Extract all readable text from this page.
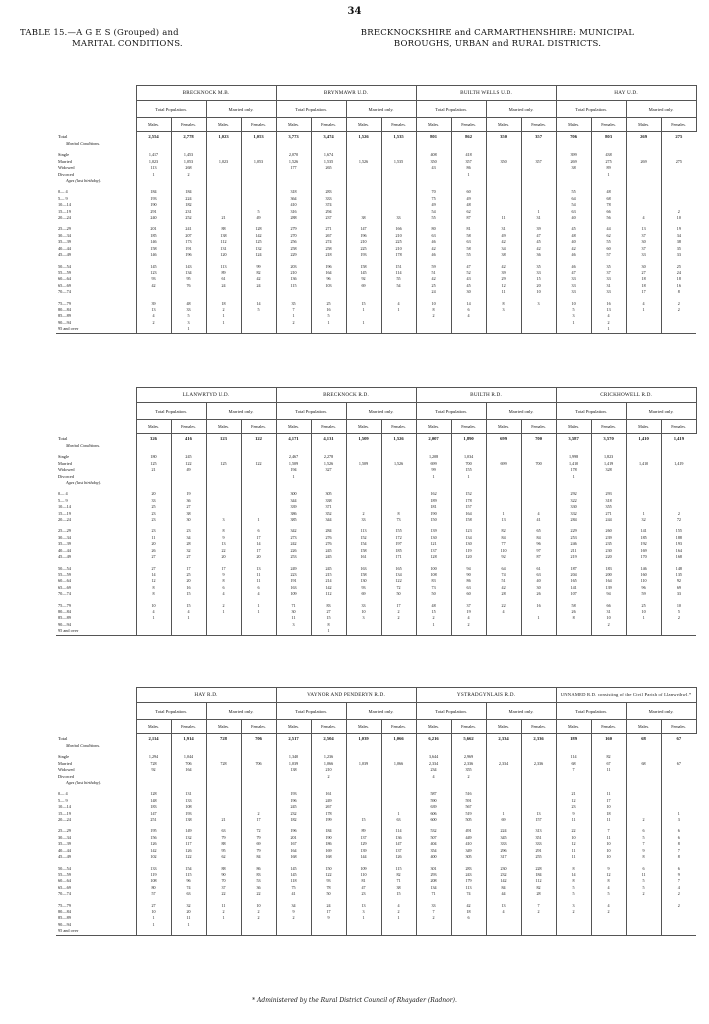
34
TABLE 15.—A G E S (Grouped) and
MARITAL CONDITIONS.
BRECKNOCKSHIRE and CARMARTHENSHIRE: MUNICIPAL
BOROUGHS, URBAN and RURAL DISTRICTS.
	BRECKNOCK M.B.				BRYNMAWR U.D.				BUILTH WELLS U.D.				HAY U.D.			
	Total Population.		Married only.		Total Population.		Married only.		Total Population.		Married only.		Total Population.		Married only.	
	Males.	Females.	Males.	Females.	Males.	Females.	Males.	Females.	Males.	Females.	Males.	Females.	Males.	Females.	Males.	Females.
Total	2,554	2,778	1,023	1,053	3,773	3,474	1,526	1,535	801	862	350	357	706	803	269	275
Marital Conditions.																

Single	1,417	1,453			2,070	1,674			408	418			399	438		
Married	1,023	1,053	1,023	1,053	1,526	1,535	1,526	1,535	350	357	350	357	269	275	269	275
Widowed	113	268			177	265			43	86			38	89		
Divorced	1	2								1				1		
Ages (last birthday).																

0— 4	184	184			318	283			70	60			55	48		
5— 9	193	224			364	333			75	49			64	68		
10—14	190	182			410	374			49	48			54	78		
15—19	291	231		5	316	294			54	62		1	63	66		2
20—24	240	252	21	49	288	237	38	33	55	87	11	31	40	56	4	10

25—29	201	241	88	128	279	271	147	166	80	81	31	39	45	44	13	19
30—34	185	207	138	142	270	267	196	210	63	58	49	47	48	62	37	34
35—39	146	173	112	125	256	274	210	225	46	63	42	45	40	55	30	38
40—44	158	191	131	132	258	258	225	210	42	58	34	42	42	60	37	35
45—49	146	196	120	124	229	218	193	178	46	55	38	36	46	57	33	33

50—54	145	143	113	99	203	196	158	151	59	47	42	35	46	35	30	25
55—59	123	134	89	82	210	164	145	114	51	52	39	33	47	37	27	24
60—64	93	95	61	42	136	96	92	55	42	43	29	15	33	33	18	18
65—69	42	76	24	24	115	103	69	54	25	45	12	20	33	31	18	16
70—74									24	30	11	10	33	33	17	8

75—79	39	48	18	14	35	25	15	4	10	14	8	3	10	16	4	2
80—84	13	33	2	5	7	16	1	1	8	6	3		5	13	1	2
85—89	4	5	1		1	5			2	4			3	4		
90—94	2	3	1		2	1	1						1	2		
95 and over		1												1		
	LLANWRTYD U.D.				BRECKNOCK R.D.				BUILTH R.D.				CRICKHOWELL R.D.			
	Total Population.		Married only.		Total Population.		Married only.		Total Population.		Married only.		Total Population.		Married only.	
	Males.	Females.	Males.	Females.	Males.	Females.	Males.	Females.	Males.	Females.	Males.	Females.	Males.	Females.	Males.	Females.
Total	326	416	123	122	4,171	4,131	1,509	1,526	2,007	1,890	699	700	3,587	3,570	1,410	1,419
Marital Conditions.																

Single	180	245			2,467	2,278			1,208	1,034			1,998	1,823		
Married	125	122	125	122	1,509	1,526	1,509	1,526	699	700	699	700	1,410	1,419	1,410	1,419
Widowed	21	49			194	327			99	155			178	328		
Divorced					1				1	1			1			
Ages (last birthday).																

0— 4	20	19			300	305			162	152			292	293		
5— 9	33	36			344	338			189	178			322	318		
10—14	25	27			339	371			181	157			330	355		
15—19	23	38			386	352	2	8	190	164	1	4	332	271	1	2
20—24	23	30	3	1	385	344	33	73	150	158	13	41	284	244	32	72

25—29	23	23	8	6	342	284	113	155	139	123	82	65	229	260	141	155
30—34	11	34	9	17	273	276	152	172	130	134	84	84	253	239	185	188
35—39	20	28	13	14	242	276	154	197	121	130	77	96	246	235	192	193
40—44	26	32	22	17	226	245	158	185	137	119	110	97	211	230	169	164
45—49	27	27	20	20	253	245	161	171	128	120	92	87	219	220	170	168

50—54	27	17	17	13	249	245	163	165	100	94	64	61	187	183	146	148
55—59	14	25	9	11	223	215	158	134	108	90	74	63	204	200	160	135
60—64	12	20	8	11	191	214	130	122	83	86	51	40	165	164	110	92
65—69	8	16	6	6	163	142	93	72	73	63	42	30	141	139	96	69
70—74	8	15	4	4	109	112	69	50	50	60	28	26	107	94	59	33

75—79	10	15	2	1	71	83	33	17	48	37	22	16	58	66	25	10
80—84	4	4	1	1	30	27	10	2	15	19	4		26	31	10	5
85—89	1	1			11	15	3	2	2	4		1	8	10	1	2
90—94					3	8			1	2				2		
95 and over						1										
	HAY R.D.				VAYNOR AND PENDERYN R.D.				YSTRADGYNLAIS R.D.				UNNAMED R.D. consisting of the Civil Parish of Llanwrthwl.*			
	Total Population.		Married only.		Total Population.		Married only.		Total Population.		Married only.		Total Population.		Married only.	
	Males.	Females.	Males.	Females.	Males.	Females.	Males.	Females.	Males.	Females.	Males.	Females.	Males.	Females.	Males.	Females.
Total	2,114	1,914	728	706	2,517	2,504	1,039	1,066	6,216	5,662	2,334	2,336	189	160	68	67
Marital Conditions.																

Single	1,294	1,044			1,340	1,236			3,644	2,969			114	82		
Married	728	706	728	706	1,039	1,066	1,039	1,066	2,334	2,336	2,334	2,336	68	67	68	67
Widowed	92	164			138	210			234	355			7	11		
Divorced						2			4	2						
Ages (last birthday).																

0— 4	128	131			193	161			587	516			21	11		
5— 9	148	133			196	249			590	591			12	17		
10—14	183	108			245	267			639	567			23	10		
15—19	147	193		2	232	178		1	606	519	1	13	9	18		1
20—24	251	138	21	17	182	199	15	63	600	505	69	157	11	11	2	3

25—29	195	149	63	72	196	184	89	114	532	491	224	313	22	7	6	6
30—34	156	132	79	79	201	190	137	136	507	449	345	351	10	11	5	6
35—39	126	117	88	69	167	186	129	147	404	410	333	333	12	10	7	8
40—44	142	126	95	79	164	169	139	137	354	349	296	291	11	10	9	7
45—49	102	122	62	84	168	168	144	126	400	305	317	255	11	10	8	8

50—54	133	154	88	86	145	150	109	115	301	283	230	228	8	9	6	6
55—59	119	115	90	83	145	122	110	82	293	243	232	184	14	12	11	9
60—64	108	96	70	53	118	93	81	71	208	179	142	112	8	8	5	7
65—69	80	74	37	36	75	78	47	38	134	113	84	82	5	4	5	4
70—74	57	63	22	22	41	50	23	15	71	74	44	28	5	5	2	2

75—79	27	32	11	10	34	24	13	4	33	42	13	7	3	4		2
80—84	10	20	2	2	9	17	3	2	7	18	4	2	2	2		
85—89	1	11	1	2	2	9	1	1	2	6						
90—94	1	1														
95 and over																
* Administered by the Rural District Council of Rhayader (Radnor).
